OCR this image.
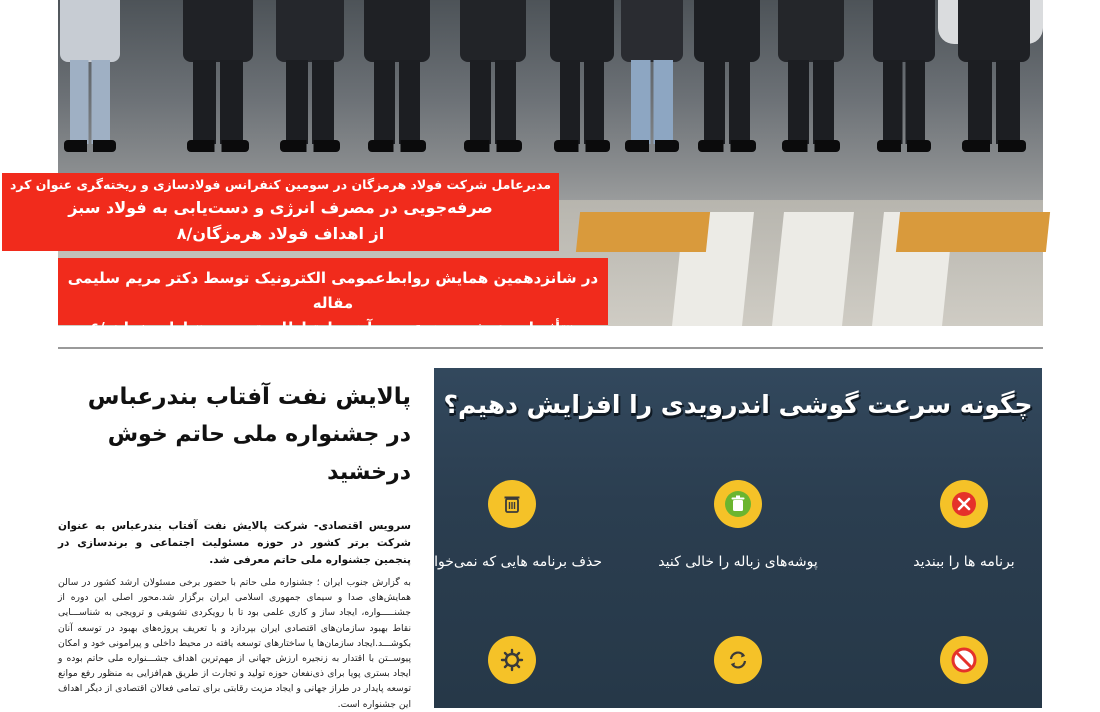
مدیرعامل شرکت فولاد هرمزگان در سومین کنفرانس فولادسازی و ریخته‌گری عنوان کرد
صرفه‌جویی در مصرف انرژی و دست‌یابی به فولاد سبز
از اهداف فولاد هرمزگان/۸
در شانزدهمین همایش روابط‌عمومی الکترونیک توسط دکتر مریم سلیمی مقاله
«تأثیرات هوش مصنوعی بر آینده ارتباطات تصویری» ارایه خواهد/۶
پالایش نفت آفتاب بندرعباس
در جشنواره ملی حاتم خوش درخشید

سرویس اقتصادی- شرکت پالایش نفت آفتاب بندرعباس به عنوان شرکت برتر کشور در حوزه مسئولیت اجتماعی و برندسازی در پنجمین جشنواره ملی حاتم معرفی شد.

به گزارش جنوب ایران ؛ جشنواره ملی حاتم با حضور برخی مسئولان ارشد کشور در سالن همایش‌های صدا و سیمای جمهوری اسلامی ایران برگزار شد.محور اصلی این دوره از جشنـــــواره، ایجاد ساز و کاری علمی بود تا با رویکردی تشویقی و ترویجی به شناســـایی نقاط بهبود سازمان‌های اقتصادی ایران بپردازد و با تعریف پروژه‌های بهبود در توسعه آنان بکوشـــد.ایجاد سازمان‌ها یا ساختارهای توسعه یافته در محیط داخلی و پیرامونی خود و امکان پیوســتن با اقتدار به زنجیره ارزش جهانی از مهم‌ترین اهداف جشـــنواره ملی حاتم بوده و ایجاد بستری پویا برای ذی‌نفعان حوزه تولید و تجارت از طریق هم‌افزایی به منظور رفع موانع توسعه پایدار در طراز جهانی و ایجاد مزیت رقابتی برای تمامی فعالان اقتصادی از دیگر اهداف این جشنواره است.

چگونه سرعت گوشی اندرویدی را افزایش دهیم؟
برنامه ها را ببندید
پوشه‌های زباله را خالی کنید
حذف برنامه هایی که نمی‌خواهید
